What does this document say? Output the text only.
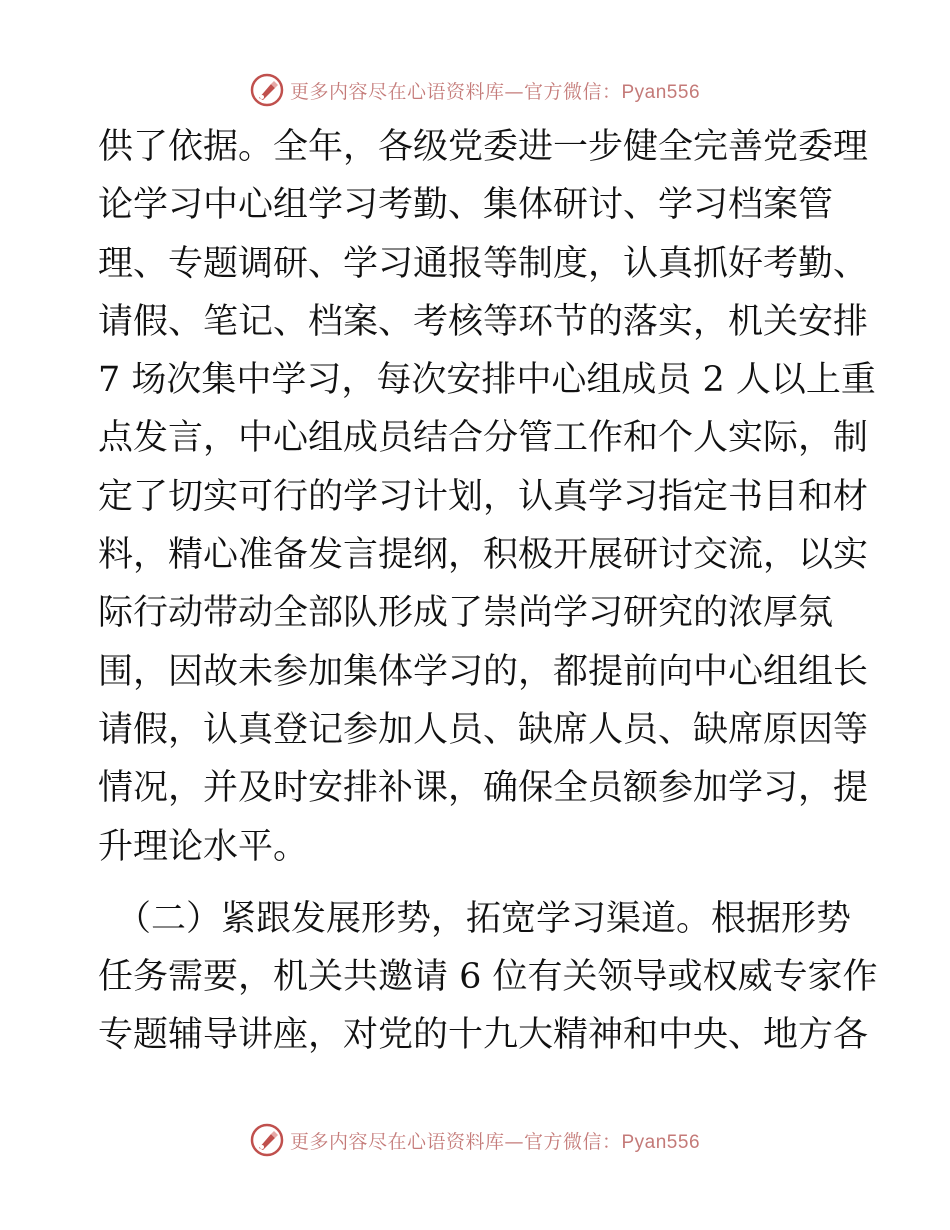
更多内容尽在心语资料库—官方微信：Pyan556
供了依据。全年，各级党委进一步健全完善党委理
论学习中心组学习考勤、集体研讨、学习档案管
理、专题调研、学习通报等制度，认真抓好考勤、
请假、笔记、档案、考核等环节的落实，机关安排
7 场次集中学习，每次安排中心组成员 2 人以上重
点发言，中心组成员结合分管工作和个人实际，制
定了切实可行的学习计划，认真学习指定书目和材
料，精心准备发言提纲，积极开展研讨交流，以实
际行动带动全部队形成了崇尚学习研究的浓厚氛
围，因故未参加集体学习的，都提前向中心组组长
请假，认真登记参加人员、缺席人员、缺席原因等
情况，并及时安排补课，确保全员额参加学习，提
升理论水平。
（二）紧跟发展形势，拓宽学习渠道。根据形势
任务需要，机关共邀请 6 位有关领导或权威专家作
专题辅导讲座，对党的十九大精神和中央、地方各
更多内容尽在心语资料库—官方微信：Pyan556
